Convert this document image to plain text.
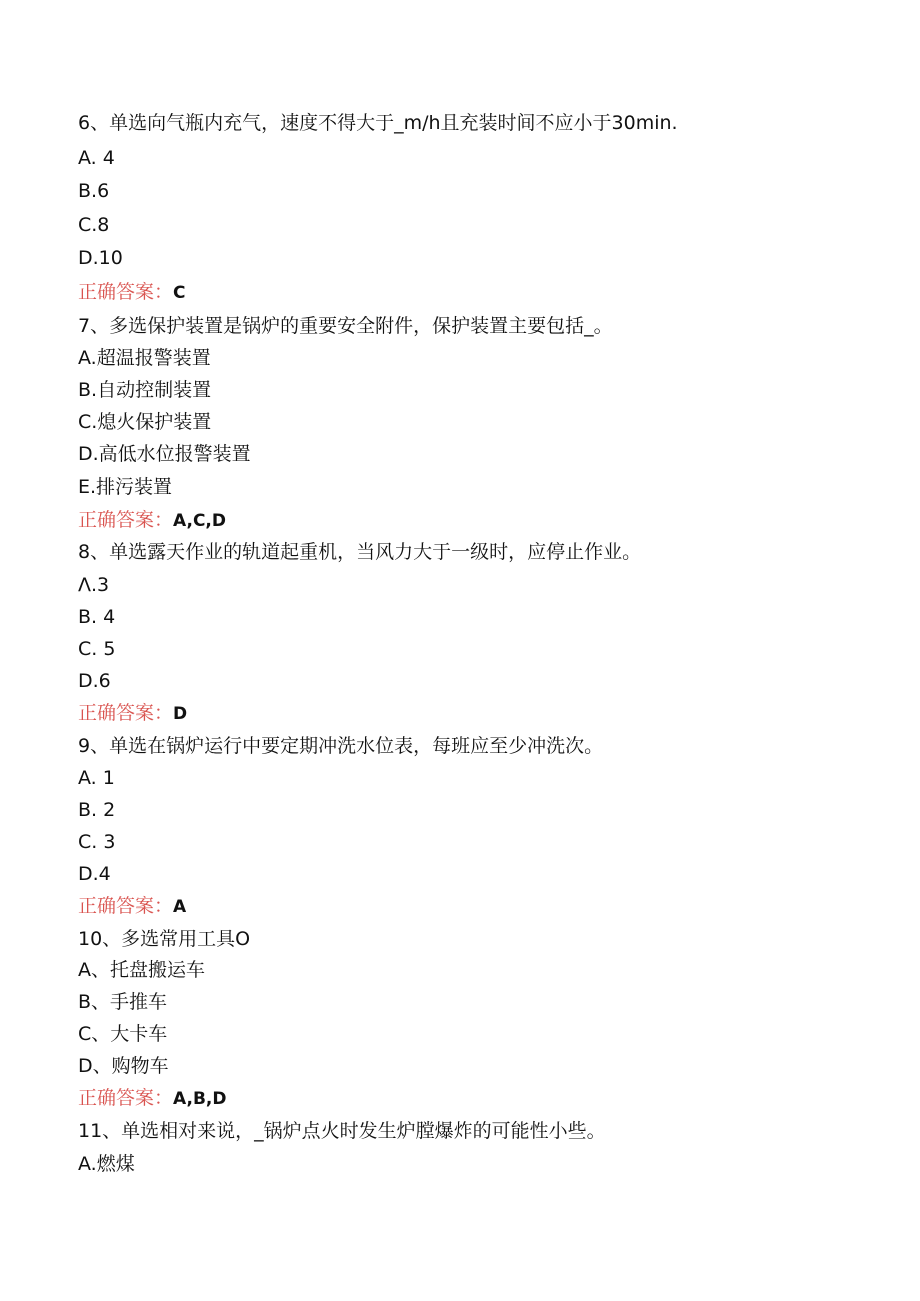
6、单选向气瓶内充气，速度不得大于_m/h且充装时间不应小于30min.
A. 4
B.6
C.8
D.10
正确答案：C
7、多选保护装置是锅炉的重要安全附件，保护装置主要包括_。
A.超温报警装置
B.自动控制装置
C.熄火保护装置
D.高低水位报警装置
E.排污装置
正确答案：A,C,D
8、单选露天作业的轨道起重机，当风力大于一级时，应停止作业。
Λ.3
B. 4
C. 5
D.6
正确答案：D
9、单选在锅炉运行中要定期冲洗水位表，每班应至少冲洗次。
A. 1
B. 2
C. 3
D.4
正确答案：A
10、多选常用工具O
A、托盘搬运车
B、手推车
C、大卡车
D、购物车
正确答案：A,B,D
11、单选相对来说，_锅炉点火时发生炉膛爆炸的可能性小些。
A.燃煤
